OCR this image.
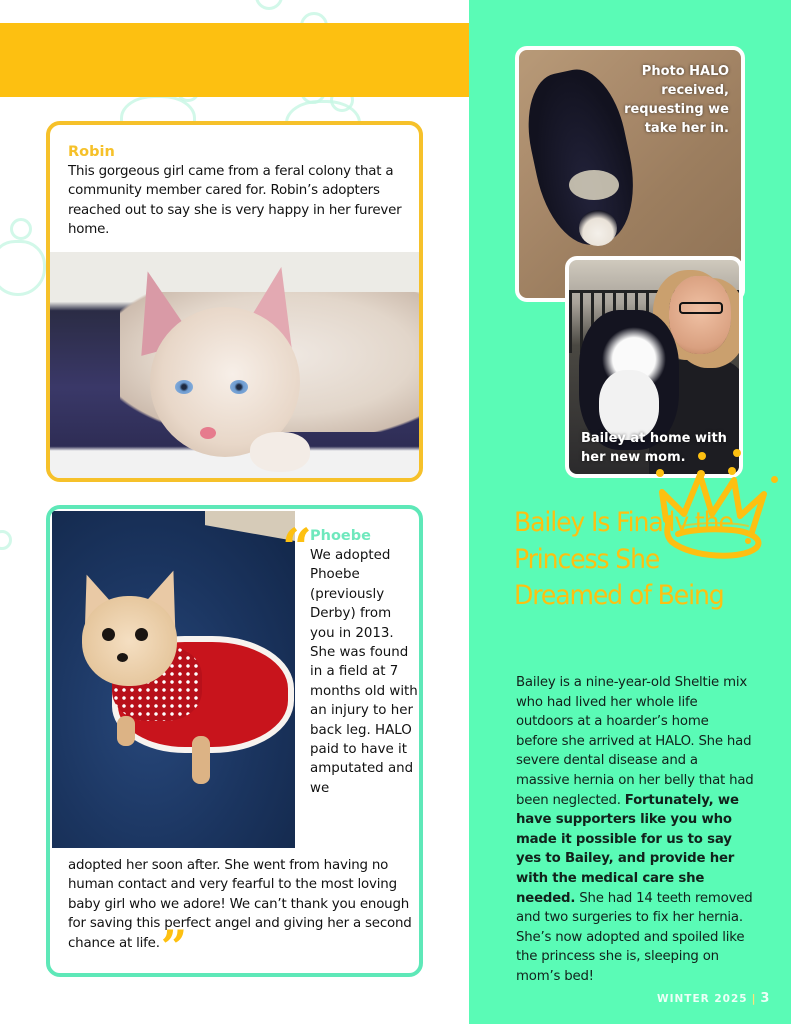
Robin
This gorgeous girl came from a feral colony that a community member cared for. Robin’s adopters reached out to say she is very happy in her furever home.
“
Phoebe
We adopted Phoebe (previously Derby) from you in 2013. She was found in a field at 7 months old with an injury to her back leg. HALO paid to have it amputated and we
adopted her soon after. She went from having no human contact and very fearful to the most loving baby girl who we adore! We can’t thank you enough for saving this perfect angel and giving her a second chance at life.”
Photo HALO received, requesting we take her in.
Bailey at home with her new mom.
Bailey Is Finally the Princess She Dreamed of Being
Bailey is a nine-year-old Sheltie mix who had lived her whole life outdoors at a hoarder’s home before she arrived at HALO. She had severe dental disease and a massive hernia on her belly that had been neglected. Fortunately, we have supporters like you who made it possible for us to say yes to Bailey, and provide her with the medical care she needed. She had 14 teeth removed and two surgeries to fix her hernia. She’s now adopted and spoiled like the princess she is, sleeping on mom’s bed!
WINTER 2025 | 3
